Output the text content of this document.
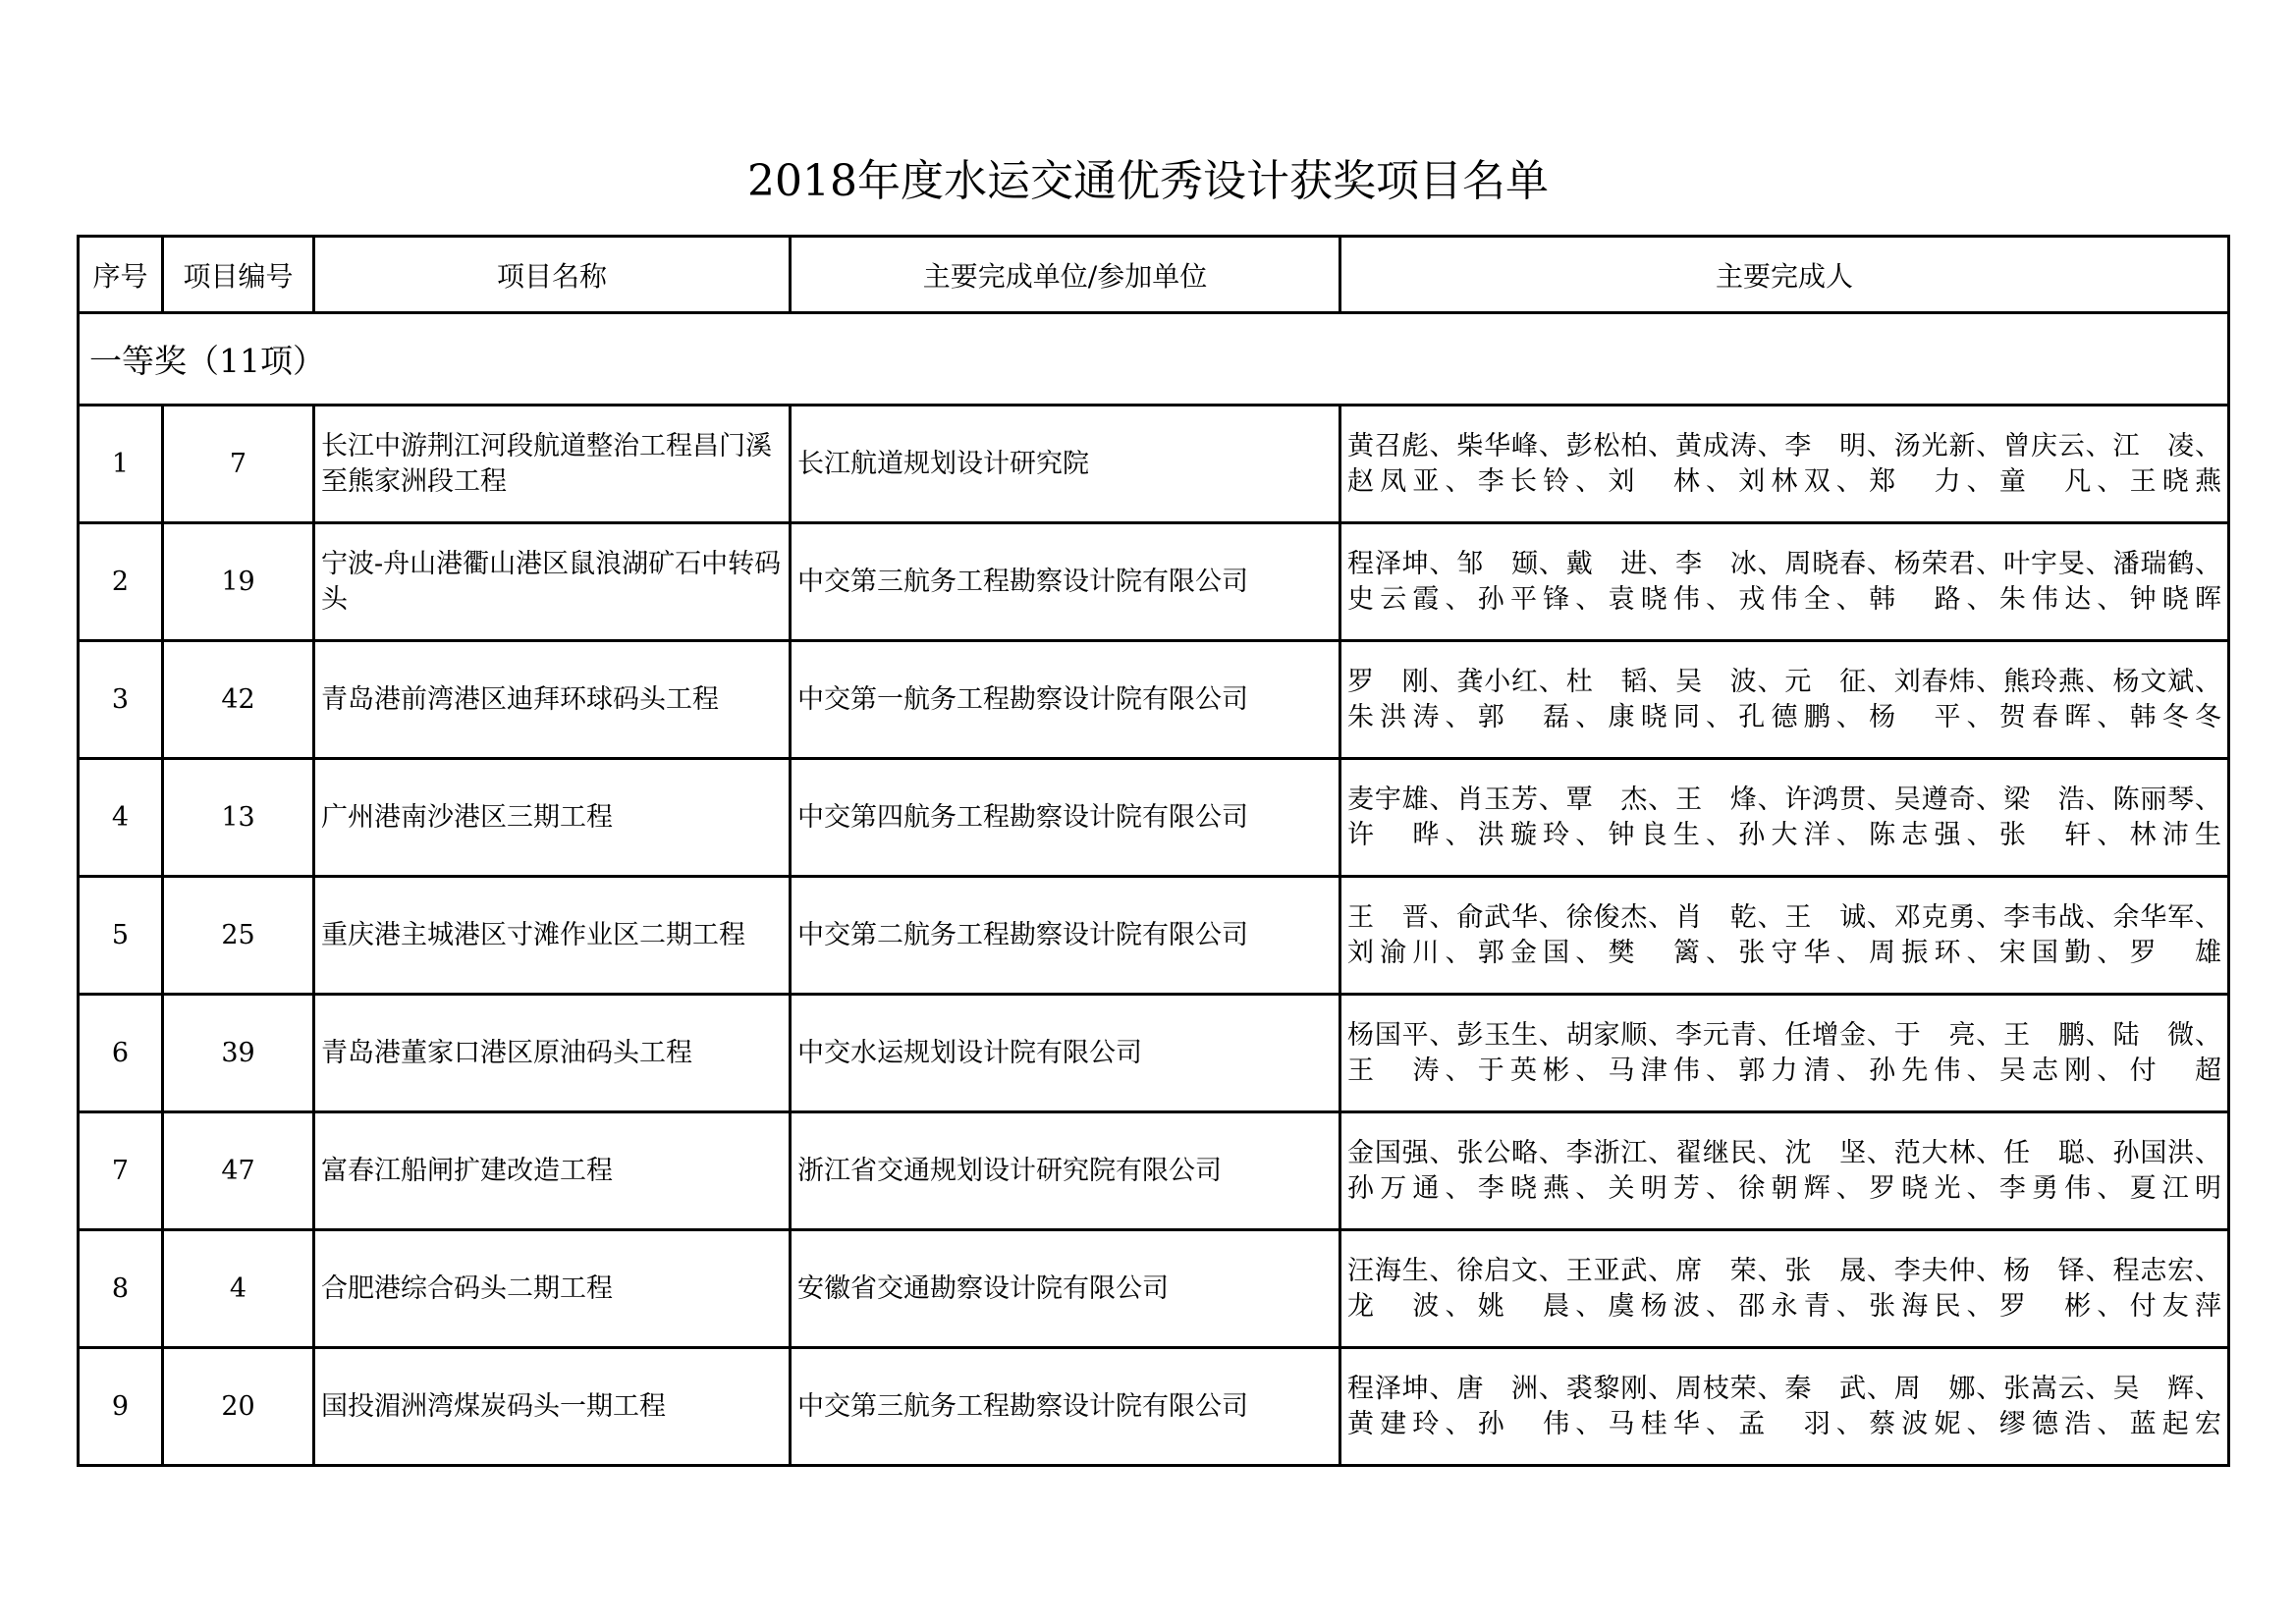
2018年度水运交通优秀设计获奖项目名单
序号	项目编号	项目名称	主要完成单位/参加单位	主要完成人
一等奖（11项）				
1	7	长江中游荆江河段航道整治工程昌门溪至熊家洲段工程	长江航道规划设计研究院	黄召彪、柴华峰、彭松柏、黄成涛、李　明、汤光新、曾庆云、江　凌、赵凤亚、李长铃、刘　林、刘林双、郑　力、童　凡、王晓燕
2	19	宁波-舟山港衢山港区鼠浪湖矿石中转码头	中交第三航务工程勘察设计院有限公司	程泽坤、邹　颋、戴　进、李　冰、周晓春、杨荣君、叶宇旻、潘瑞鹤、史云霞、孙平锋、袁晓伟、戎伟全、韩　路、朱伟达、钟晓晖
3	42	青岛港前湾港区迪拜环球码头工程	中交第一航务工程勘察设计院有限公司	罗　刚、龚小红、杜　韬、吴　波、元　征、刘春炜、熊玲燕、杨文斌、朱洪涛、郭　磊、康晓同、孔德鹏、杨　平、贺春晖、韩冬冬
4	13	广州港南沙港区三期工程	中交第四航务工程勘察设计院有限公司	麦宇雄、肖玉芳、覃　杰、王　烽、许鸿贯、吴遵奇、梁　浩、陈丽琴、许　晔、洪璇玲、钟良生、孙大洋、陈志强、张　轩、林沛生
5	25	重庆港主城港区寸滩作业区二期工程	中交第二航务工程勘察设计院有限公司	王　晋、俞武华、徐俊杰、肖　乾、王　诚、邓克勇、李韦战、余华军、刘渝川、郭金国、樊　篱、张守华、周振环、宋国勤、罗　雄
6	39	青岛港董家口港区原油码头工程	中交水运规划设计院有限公司	杨国平、彭玉生、胡家顺、李元青、任增金、于　亮、王　鹏、陆　微、王　涛、于英彬、马津伟、郭力清、孙先伟、吴志刚、付　超
7	47	富春江船闸扩建改造工程	浙江省交通规划设计研究院有限公司	金国强、张公略、李浙江、翟继民、沈　坚、范大林、任　聪、孙国洪、孙万通、李晓燕、关明芳、徐朝辉、罗晓光、李勇伟、夏江明
8	4	合肥港综合码头二期工程	安徽省交通勘察设计院有限公司	汪海生、徐启文、王亚武、席　荣、张　晟、李夫仲、杨　铎、程志宏、龙　波、姚　晨、虞杨波、邵永青、张海民、罗　彬、付友萍
9	20	国投湄洲湾煤炭码头一期工程	中交第三航务工程勘察设计院有限公司	程泽坤、唐　洲、裘黎刚、周枝荣、秦　武、周　娜、张嵩云、吴　辉、黄建玲、孙　伟、马桂华、孟　羽、蔡波妮、缪德浩、蓝起宏
